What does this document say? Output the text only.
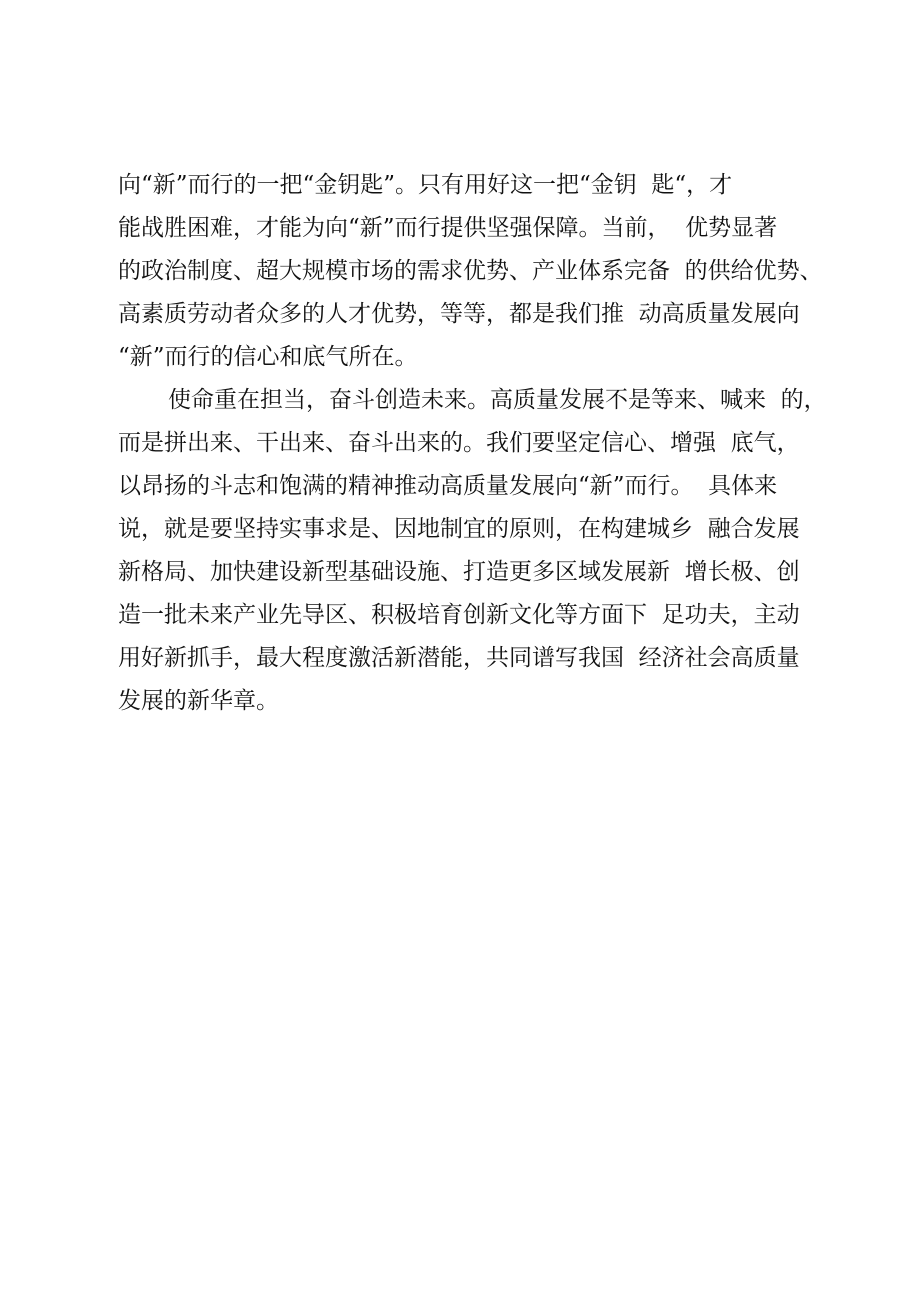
向“新”而行的一把“金钥匙”。只有用好这一把“金钥  匙“，才
能战胜困难，才能为向“新”而行提供坚强保障。当前，  优势显著
的政治制度、超大规模市场的需求优势、产业体系完备  的供给优势、
高素质劳动者众多的人才优势，等等，都是我们推  动高质量发展向
“新”而行的信心和底气所在。
使命重在担当，奋斗创造未来。高质量发展不是等来、喊来  的，
而是拼出来、干出来、奋斗出来的。我们要坚定信心、增强  底气，
以昂扬的斗志和饱满的精神推动高质量发展向“新”而行。  具体来
说，就是要坚持实事求是、因地制宜的原则，在构建城乡  融合发展
新格局、加快建设新型基础设施、打造更多区域发展新  增长极、创
造一批未来产业先导区、积极培育创新文化等方面下  足功夫，主动
用好新抓手，最大程度激活新潜能，共同谱写我国  经济社会高质量
发展的新华章。
